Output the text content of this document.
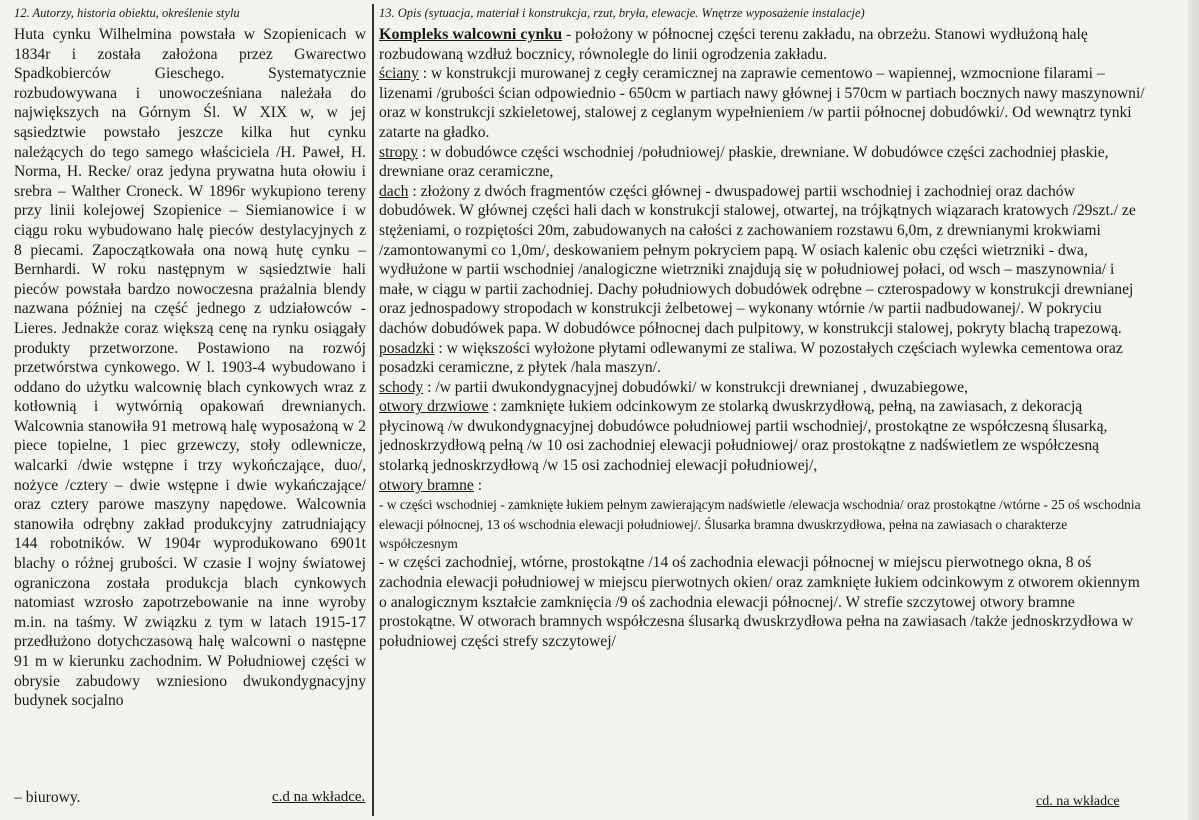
12. Autorzy, historia obiektu, określenie stylu

Huta cynku Wilhelmina powstała w Szopienicach w 1834r i została założona przez Gwarectwo Spadkobierców Gieschego. Systematycznie rozbudowywana i unowocześniana należała do największych na Górnym Śl. W XIX w, w jej sąsiedztwie powstało jeszcze kilka hut cynku należących do tego samego właściciela /H. Paweł, H. Norma, H. Recke/ oraz jedyna prywatna huta ołowiu i srebra – Walther Croneck. W 1896r wykupiono tereny przy linii kolejowej Szopienice – Siemianowice i w ciągu roku wybudowano halę pieców destylacyjnych z 8 piecami. Zapoczątkowała ona nową hutę cynku – Bernhardi. W roku następnym w sąsiedztwie hali pieców powstała bardzo nowoczesna prażalnia blendy nazwana później na część jednego z udziałowców - Lieres. Jednakże coraz większą cenę na rynku osiągały produkty przetworzone. Postawiono na rozwój przetwórstwa cynkowego. W l. 1903-4 wybudowano i oddano do użytku walcownię blach cynkowych wraz z kotłownią i wytwórnią opakowań drewnianych. Walcownia stanowiła 91 metrową halę wyposażoną w 2 piece topielne, 1 piec grzewczy, stoły odlewnicze, walcarki /dwie wstępne i trzy wykończające, duo/, nożyce /cztery – dwie wstępne i dwie wykańczające/ oraz cztery parowe maszyny napędowe. Walcownia stanowiła odrębny zakład produkcyjny zatrudniający 144 robotników. W 1904r wyprodukowano 6901t blachy o różnej grubości. W czasie I wojny światowej ograniczona została produkcja blach cynkowych natomiast wzrosło zapotrzebowanie na inne wyroby m.in. na taśmy. W związku z tym w latach 1915-17 przedłużono dotychczasową halę walcowni o następne 91 m w kierunku zachodnim. W Południowej części w obrysie zabudowy wzniesiono dwukondygnacyjny budynek socjalno

– biurowy.	c.d na wkładce.
13. Opis (sytuacja, materiał i konstrukcja, rzut, bryła, elewacje. Wnętrze wyposażenie instalacje)

Kompleks walcowni cynku - położony w północnej części terenu zakładu, na obrzeżu. Stanowi wydłużoną halę rozbudowaną wzdłuż bocznicy, równolegle do linii ogrodzenia zakładu.

ściany : w konstrukcji murowanej z cegły ceramicznej na zaprawie cementowo – wapiennej, wzmocnione filarami – lizenami /grubości ścian odpowiednio - 650cm w partiach nawy głównej i 570cm w partiach bocznych nawy maszynowni/ oraz w konstrukcji szkieletowej, stalowej z ceglanym wypełnieniem /w partii północnej dobudówki/. Od wewnątrz tynki zatarte na gładko.

stropy : w dobudówce części wschodniej /południowej/ płaskie, drewniane. W dobudówce części zachodniej płaskie, drewniane oraz ceramiczne,

dach : złożony z dwóch fragmentów części głównej - dwuspadowej partii wschodniej i zachodniej oraz dachów dobudówek. W głównej części hali dach w konstrukcji stalowej, otwartej, na trójkątnych wiązarach kratowych /29szt./ ze stężeniami, o rozpiętości 20m, zabudowanych na całości z zachowaniem rozstawu 6,0m, z drewnianymi krokwiami /zamontowanymi co 1,0m/, deskowaniem pełnym pokryciem papą. W osiach kalenic obu części wietrzniki - dwa, wydłużone w partii wschodniej /analogiczne wietrzniki znajdują się w południowej połaci, od wsch – maszynownia/ i małe, w ciągu w partii zachodniej. Dachy południowych dobudówek odrębne – czterospadowy w konstrukcji drewnianej oraz jednospadowy stropodach w konstrukcji żelbetowej – wykonany wtórnie /w partii nadbudowanej/. W pokryciu dachów dobudówek papa. W dobudówce północnej dach pulpitowy, w konstrukcji stalowej, pokryty blachą trapezową.

posadzki : w większości wyłożone płytami odlewanymi ze staliwa. W pozostałych częściach wylewka cementowa oraz posadzki ceramiczne, z płytek /hala maszyn/.

schody : /w partii dwukondygnacyjnej dobudówki/ w konstrukcji drewnianej , dwuzabiegowe,

otwory drzwiowe : zamknięte łukiem odcinkowym ze stolarką dwuskrzydłową, pełną, na zawiasach, z dekoracją płycinową /w dwukondygnacyjnej dobudówce południowej partii wschodniej/, prostokątne ze współczesną ślusarką, jednoskrzydłową pełną /w 10 osi zachodniej elewacji południowej/ oraz prostokątne z nadświetlem ze współczesną stolarką jednoskrzydłową /w 15 osi zachodniej elewacji południowej/,

otwory bramne :

- w części wschodniej - zamknięte łukiem pełnym zawierającym nadświetle /elewacja wschodnia/ oraz prostokątne /wtórne - 25 oś wschodnia elewacji północnej, 13 oś wschodnia elewacji południowej/. Ślusarka bramna dwuskrzydłowa, pełna na zawiasach o charakterze współczesnym

- w części zachodniej, wtórne, prostokątne /14 oś zachodnia elewacji północnej w miejscu pierwotnego okna, 8 oś zachodnia elewacji południowej w miejscu pierwotnych okien/ oraz zamknięte łukiem odcinkowym z otworem okiennym o analogicznym kształcie zamknięcia /9 oś zachodnia elewacji północnej/. W strefie szczytowej otwory bramne prostokątne. W otworach bramnych współczesna ślusarką dwuskrzydłowa pełna na zawiasach /także jednoskrzydłowa w południowej części strefy szczytowej/

cd. na wkładce
